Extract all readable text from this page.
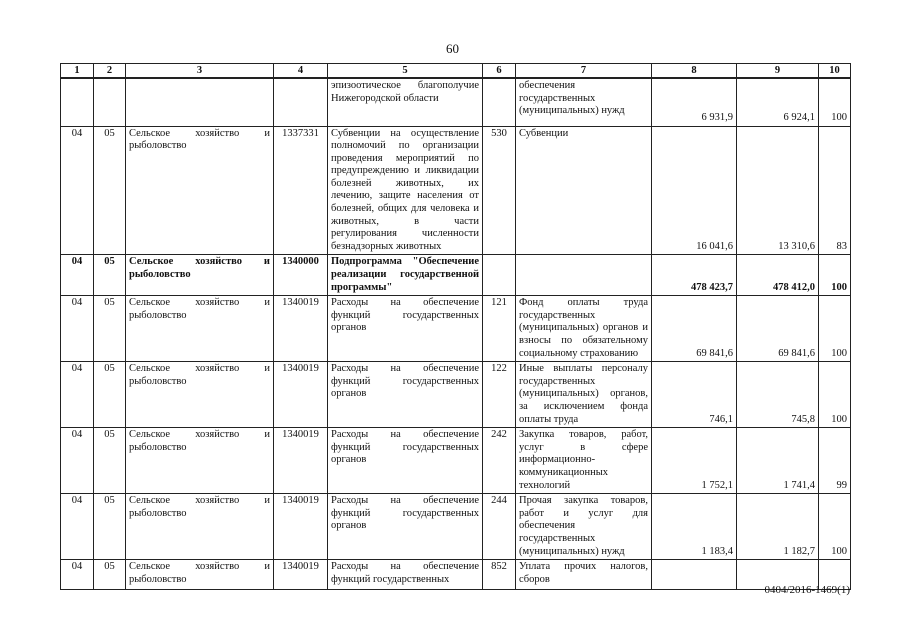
60
1	2	3	4	5	6	7	8	9	10
				эпизоотическое благополучие Нижегородской области		обеспечения государственных (муниципальных) нужд	6 931,9	6 924,1	100
04	05	Сельское хозяйство и рыболовство	1337331	Субвенции на осуществление полномочий по организации проведения мероприятий по предупреждению и ликвидации болезней животных, их лечению, защите населения от болезней, общих для человека и животных, в части регулирования численности безнадзорных животных	530	Субвенции	16 041,6	13 310,6	83
04	05	Сельское хозяйство и рыболовство	1340000	Подпрограмма "Обеспечение реализации государственной программы"			478 423,7	478 412,0	100
04	05	Сельское хозяйство и рыболовство	1340019	Расходы на обеспечение функций государственных органов	121	Фонд оплаты труда государственных (муниципальных) органов и взносы по обязательному социальному страхованию	69 841,6	69 841,6	100
04	05	Сельское хозяйство и рыболовство	1340019	Расходы на обеспечение функций государственных органов	122	Иные выплаты персоналу государственных (муниципальных) органов, за исключением фонда оплаты труда	746,1	745,8	100
04	05	Сельское хозяйство и рыболовство	1340019	Расходы на обеспечение функций государственных органов	242	Закупка товаров, работ, услуг в сфере информационно-коммуникационных технологий	1 752,1	1 741,4	99
04	05	Сельское хозяйство и рыболовство	1340019	Расходы на обеспечение функций государственных органов	244	Прочая закупка товаров, работ и услуг для обеспечения государственных (муниципальных) нужд	1 183,4	1 182,7	100
04	05	Сельское хозяйство и рыболовство	1340019	Расходы на обеспечение функций государственных	852	Уплата прочих налогов, сборов			
0404/2016-1469(1)
